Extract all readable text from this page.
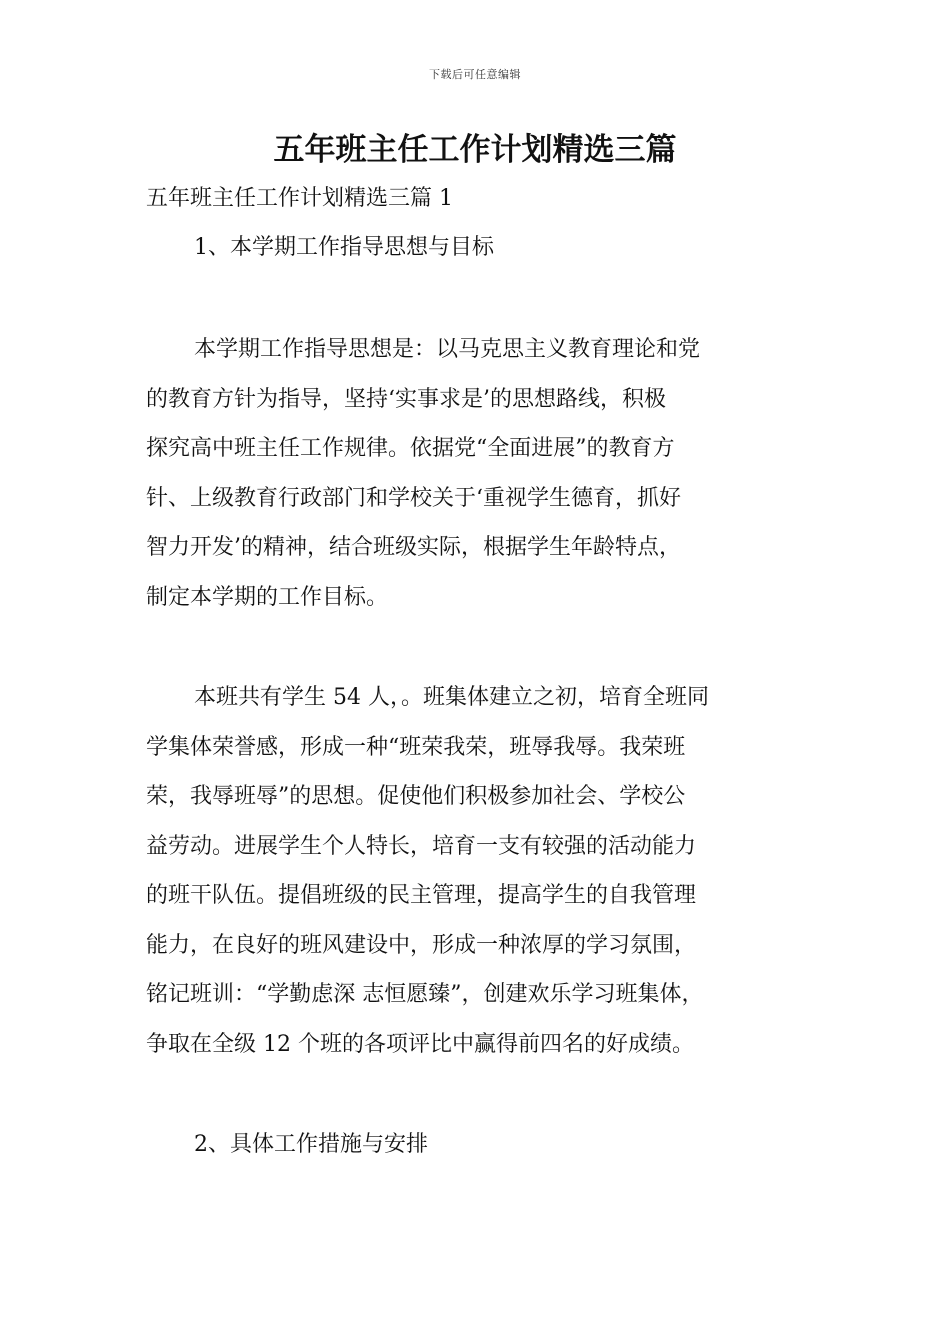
下载后可任意编辑
五年班主任工作计划精选三篇

五年班主任工作计划精选三篇 1

1、本学期工作指导思想与目标

本学期工作指导思想是：以马克思主义教育理论和党
的教育方针为指导，坚持‘实事求是’的思想路线，积极
探究高中班主任工作规律。依据党“全面进展”的教育方
针、上级教育行政部门和学校关于‘重视学生德育，抓好
智力开发’的精神，结合班级实际，根据学生年龄特点，
制定本学期的工作目标。
本班共有学生 54 人，。班集体建立之初，培育全班同
学集体荣誉感，形成一种“班荣我荣，班辱我辱。我荣班
荣，我辱班辱”的思想。促使他们积极参加社会、学校公
益劳动。进展学生个人特长，培育一支有较强的活动能力
的班干队伍。提倡班级的民主管理，提高学生的自我管理
能力，在良好的班风建设中，形成一种浓厚的学习氛围，
铭记班训：“学勤虑深 志恒愿臻”，创建欢乐学习班集体，
争取在全级 12 个班的各项评比中赢得前四名的好成绩。

2、具体工作措施与安排
